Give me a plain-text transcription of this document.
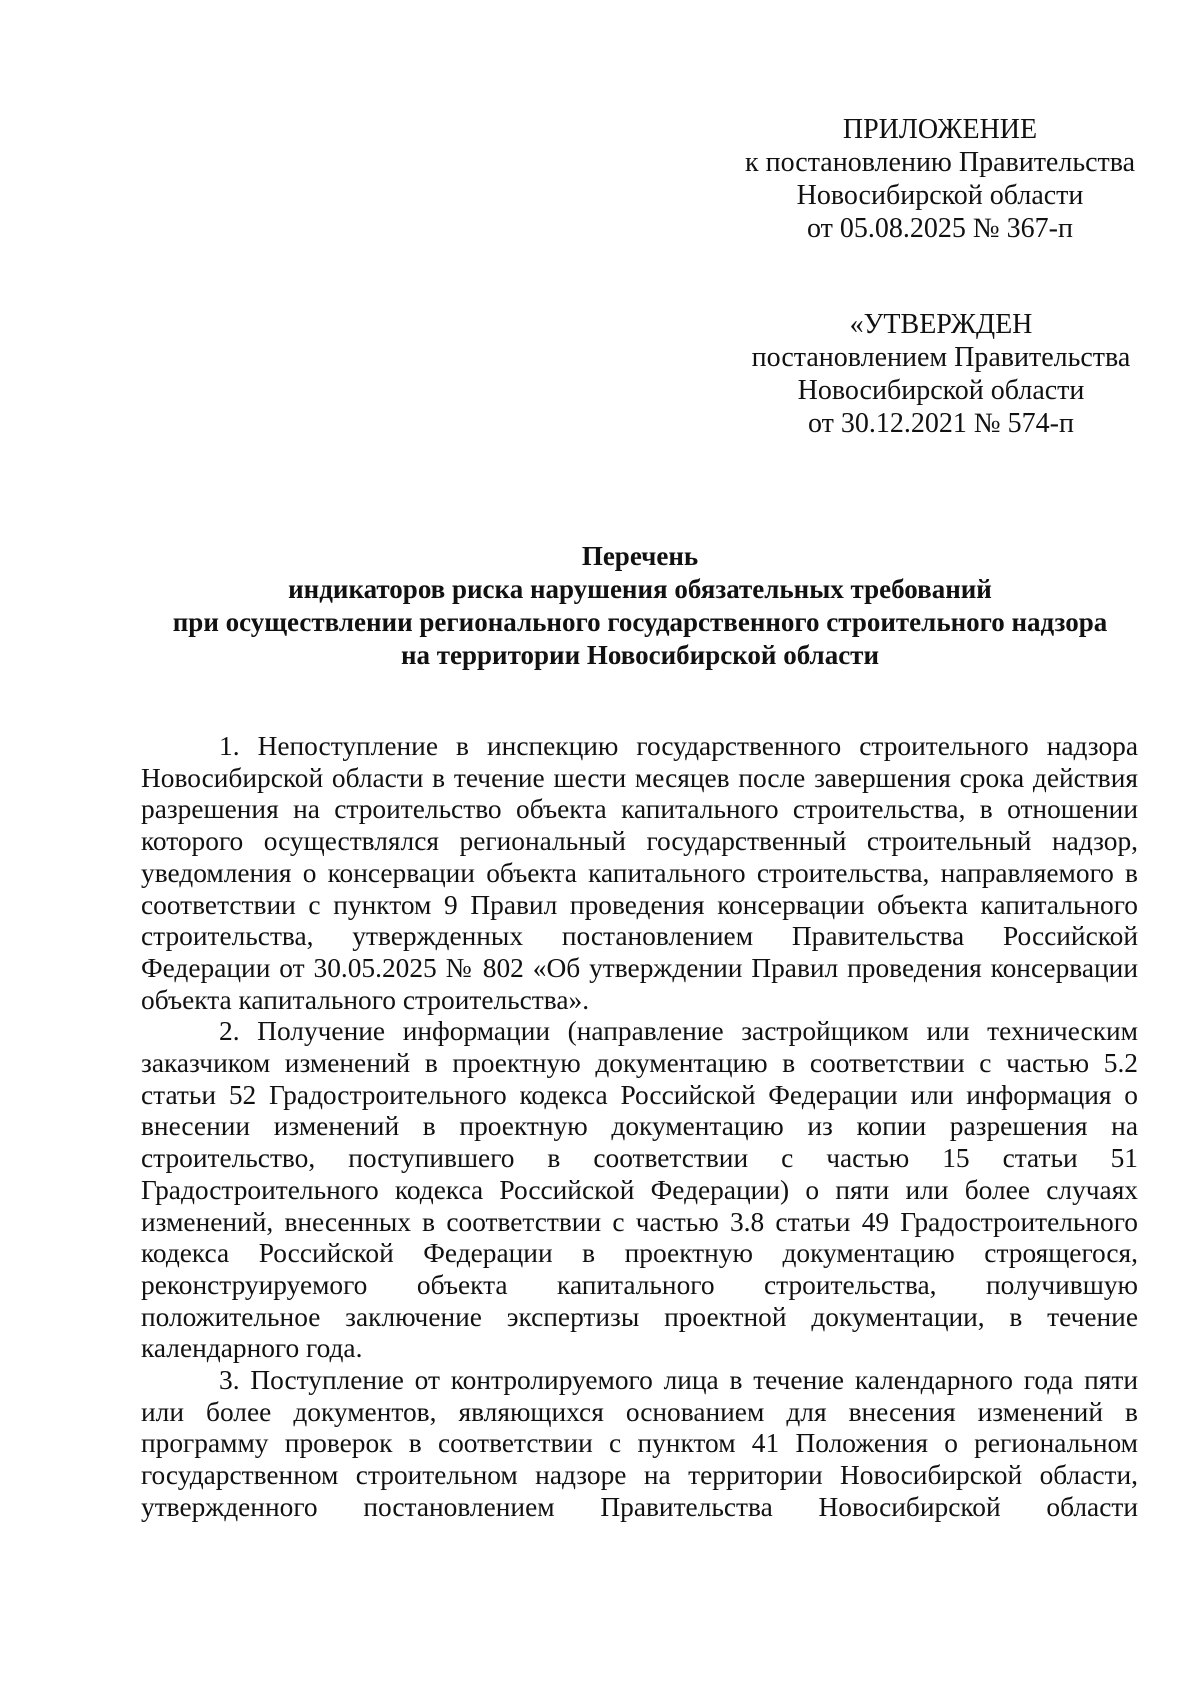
ПРИЛОЖЕНИЕ
к постановлению Правительства
Новосибирской области
от 05.08.2025 № 367-п
«УТВЕРЖДЕН
постановлением Правительства
Новосибирской области
от 30.12.2021 № 574-п
Перечень
индикаторов риска нарушения обязательных требований
при осуществлении регионального государственного строительного надзора
на территории Новосибирской области

1. Непоступление в инспекцию государственного строительного надзора Новосибирской области в течение шести месяцев после завершения срока действия разрешения на строительство объекта капитального строительства, в отношении которого осуществлялся региональный государственный строительный надзор, уведомления о консервации объекта капитального строительства, направляемого в соответствии с пунктом 9 Правил проведения консервации объекта капитального строительства, утвержденных постановлением Правительства Российской Федерации от 30.05.2025 № 802 «Об утверждении Правил проведения консервации объекта капитального строительства».

2. Получение информации (направление застройщиком или техническим заказчиком изменений в проектную документацию в соответствии с частью 5.2 статьи 52 Градостроительного кодекса Российской Федерации или информация о внесении изменений в проектную документацию из копии разрешения на строительство, поступившего в соответствии с частью 15 статьи 51 Градостроительного кодекса Российской Федерации) о пяти или более случаях изменений, внесенных в соответствии с частью 3.8 статьи 49 Градостроительного кодекса Российской Федерации в проектную документацию строящегося, реконструируемого объекта капитального строительства, получившую положительное заключение экспертизы проектной документации, в течение календарного года.

3. Поступление от контролируемого лица в течение календарного года пяти или более документов, являющихся основанием для внесения изменений в программу проверок в соответствии с пунктом 41 Положения о региональном государственном строительном надзоре на территории Новосибирской области, утвержденного постановлением Правительства Новосибирской области
